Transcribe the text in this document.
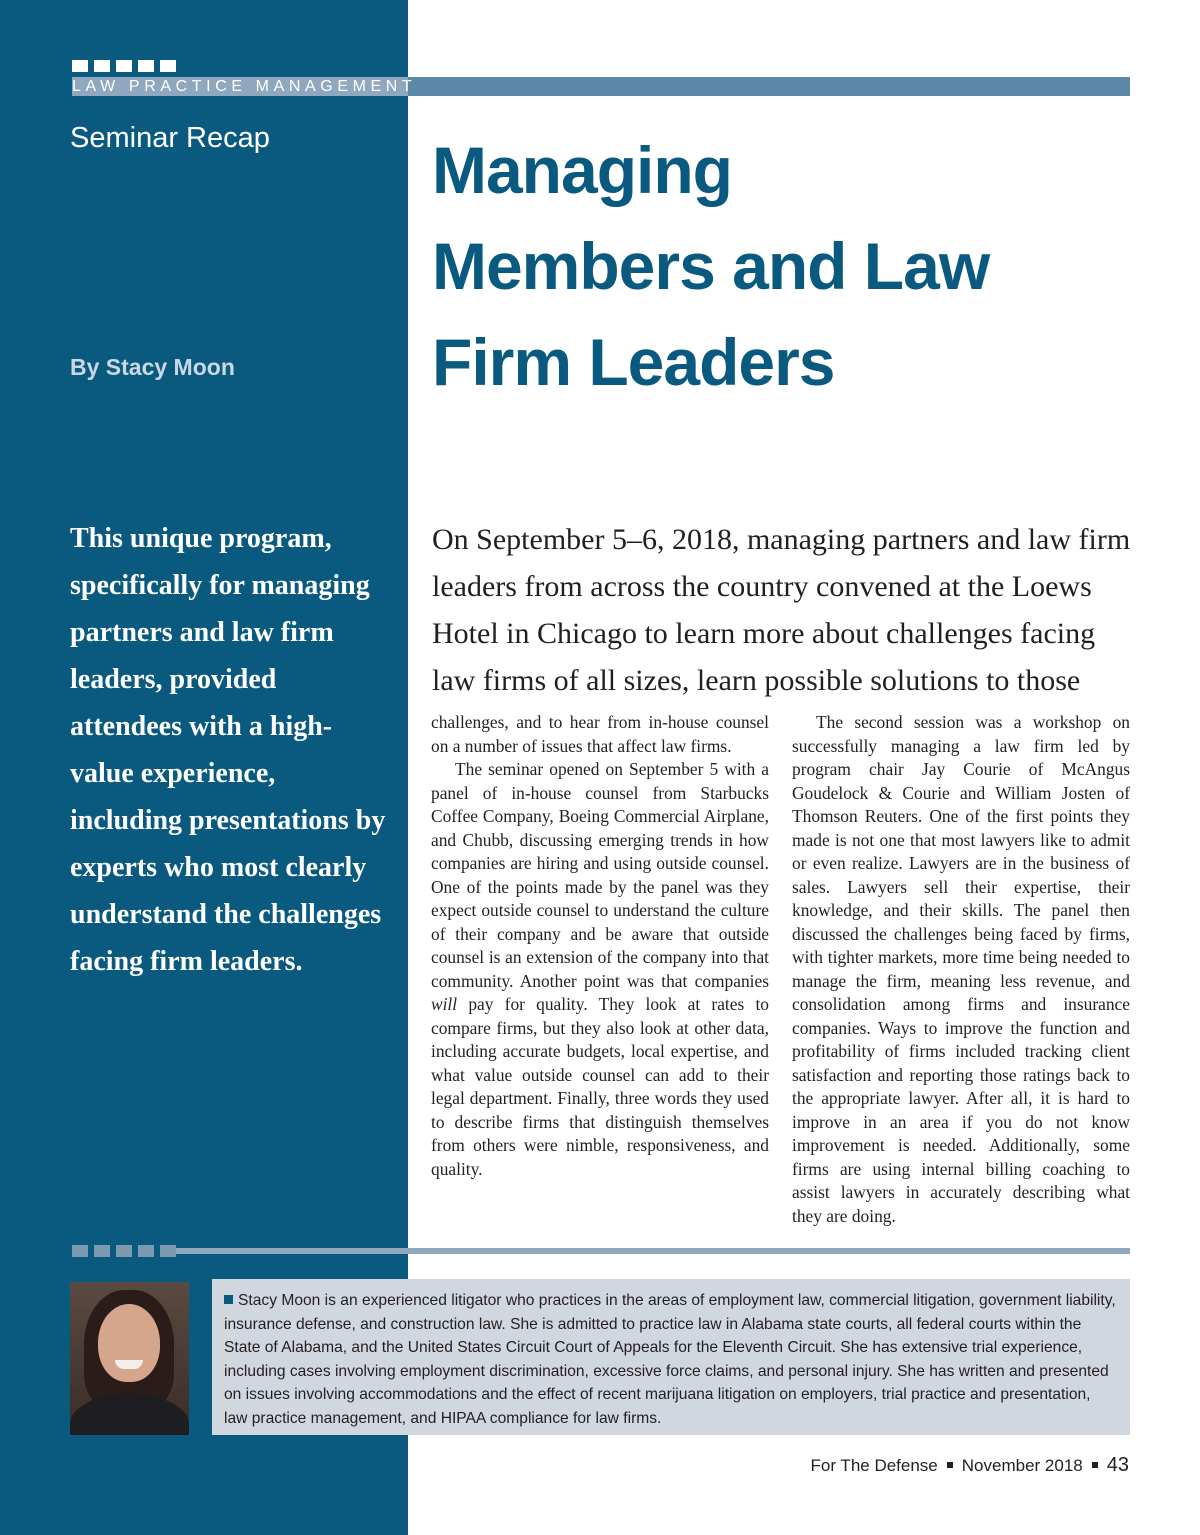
LAW PRACTICE MANAGEMENT
Seminar Recap Managing
Members and Law
Firm Leaders
By Stacy Moon
This unique program,
specifically for managing
partners and law firm
leaders, provided
attendees with a high-
value experience,
including presentations by
experts who most clearly
understand the challenges
facing firm leaders.
On September 5–6, 2018, managing partners and law firm
leaders from across the country convened at the Loews
Hotel in Chicago to learn more about challenges facing
law firms of all sizes, learn possible solutions to those

challenges, and to hear from in-house counsel on a number of issues that affect law firms.

The seminar opened on September 5 with a panel of in-house counsel from Starbucks Coffee Company, Boeing Commercial Airplane, and Chubb, discussing emerging trends in how companies are hiring and using outside counsel. One of the points made by the panel was they expect outside counsel to understand the culture of their company and be aware that outside counsel is an extension of the company into that community. Another point was that companies will pay for quality. They look at rates to compare firms, but they also look at other data, including accurate budgets, local expertise, and what value outside counsel can add to their legal department. Finally, three words they used to describe firms that distinguish themselves from others were nimble, responsiveness, and quality.

The second session was a workshop on successfully managing a law firm led by program chair Jay Courie of McAngus Goudelock & Courie and William Josten of Thomson Reuters. One of the first points they made is not one that most lawyers like to admit or even realize. Lawyers are in the business of sales. Lawyers sell their expertise, their knowledge, and their skills. The panel then discussed the challenges being faced by firms, with tighter markets, more time being needed to manage the firm, meaning less revenue, and consolidation among firms and insurance companies. Ways to improve the function and profitability of firms included tracking client satisfaction and reporting those ratings back to the appropriate lawyer. After all, it is hard to improve in an area if you do not know improvement is needed. Additionally, some firms are using internal billing coaching to assist lawyers in accurately describing what they are doing.

Stacy Moon is an experienced litigator who practices in the areas of employment law, commercial litigation, government liability, insurance defense, and construction law. She is admitted to practice law in Alabama state courts, all federal courts within the State of Alabama, and the United States Circuit Court of Appeals for the Eleventh Circuit. She has extensive trial experience, including cases involving employment discrimination, excessive force claims, and personal injury. She has written and presented on issues involving accommodations and the effect of recent marijuana litigation on employers, trial practice and presentation, law practice management, and HIPAA compliance for law firms.
For The Defense November 2018 43
